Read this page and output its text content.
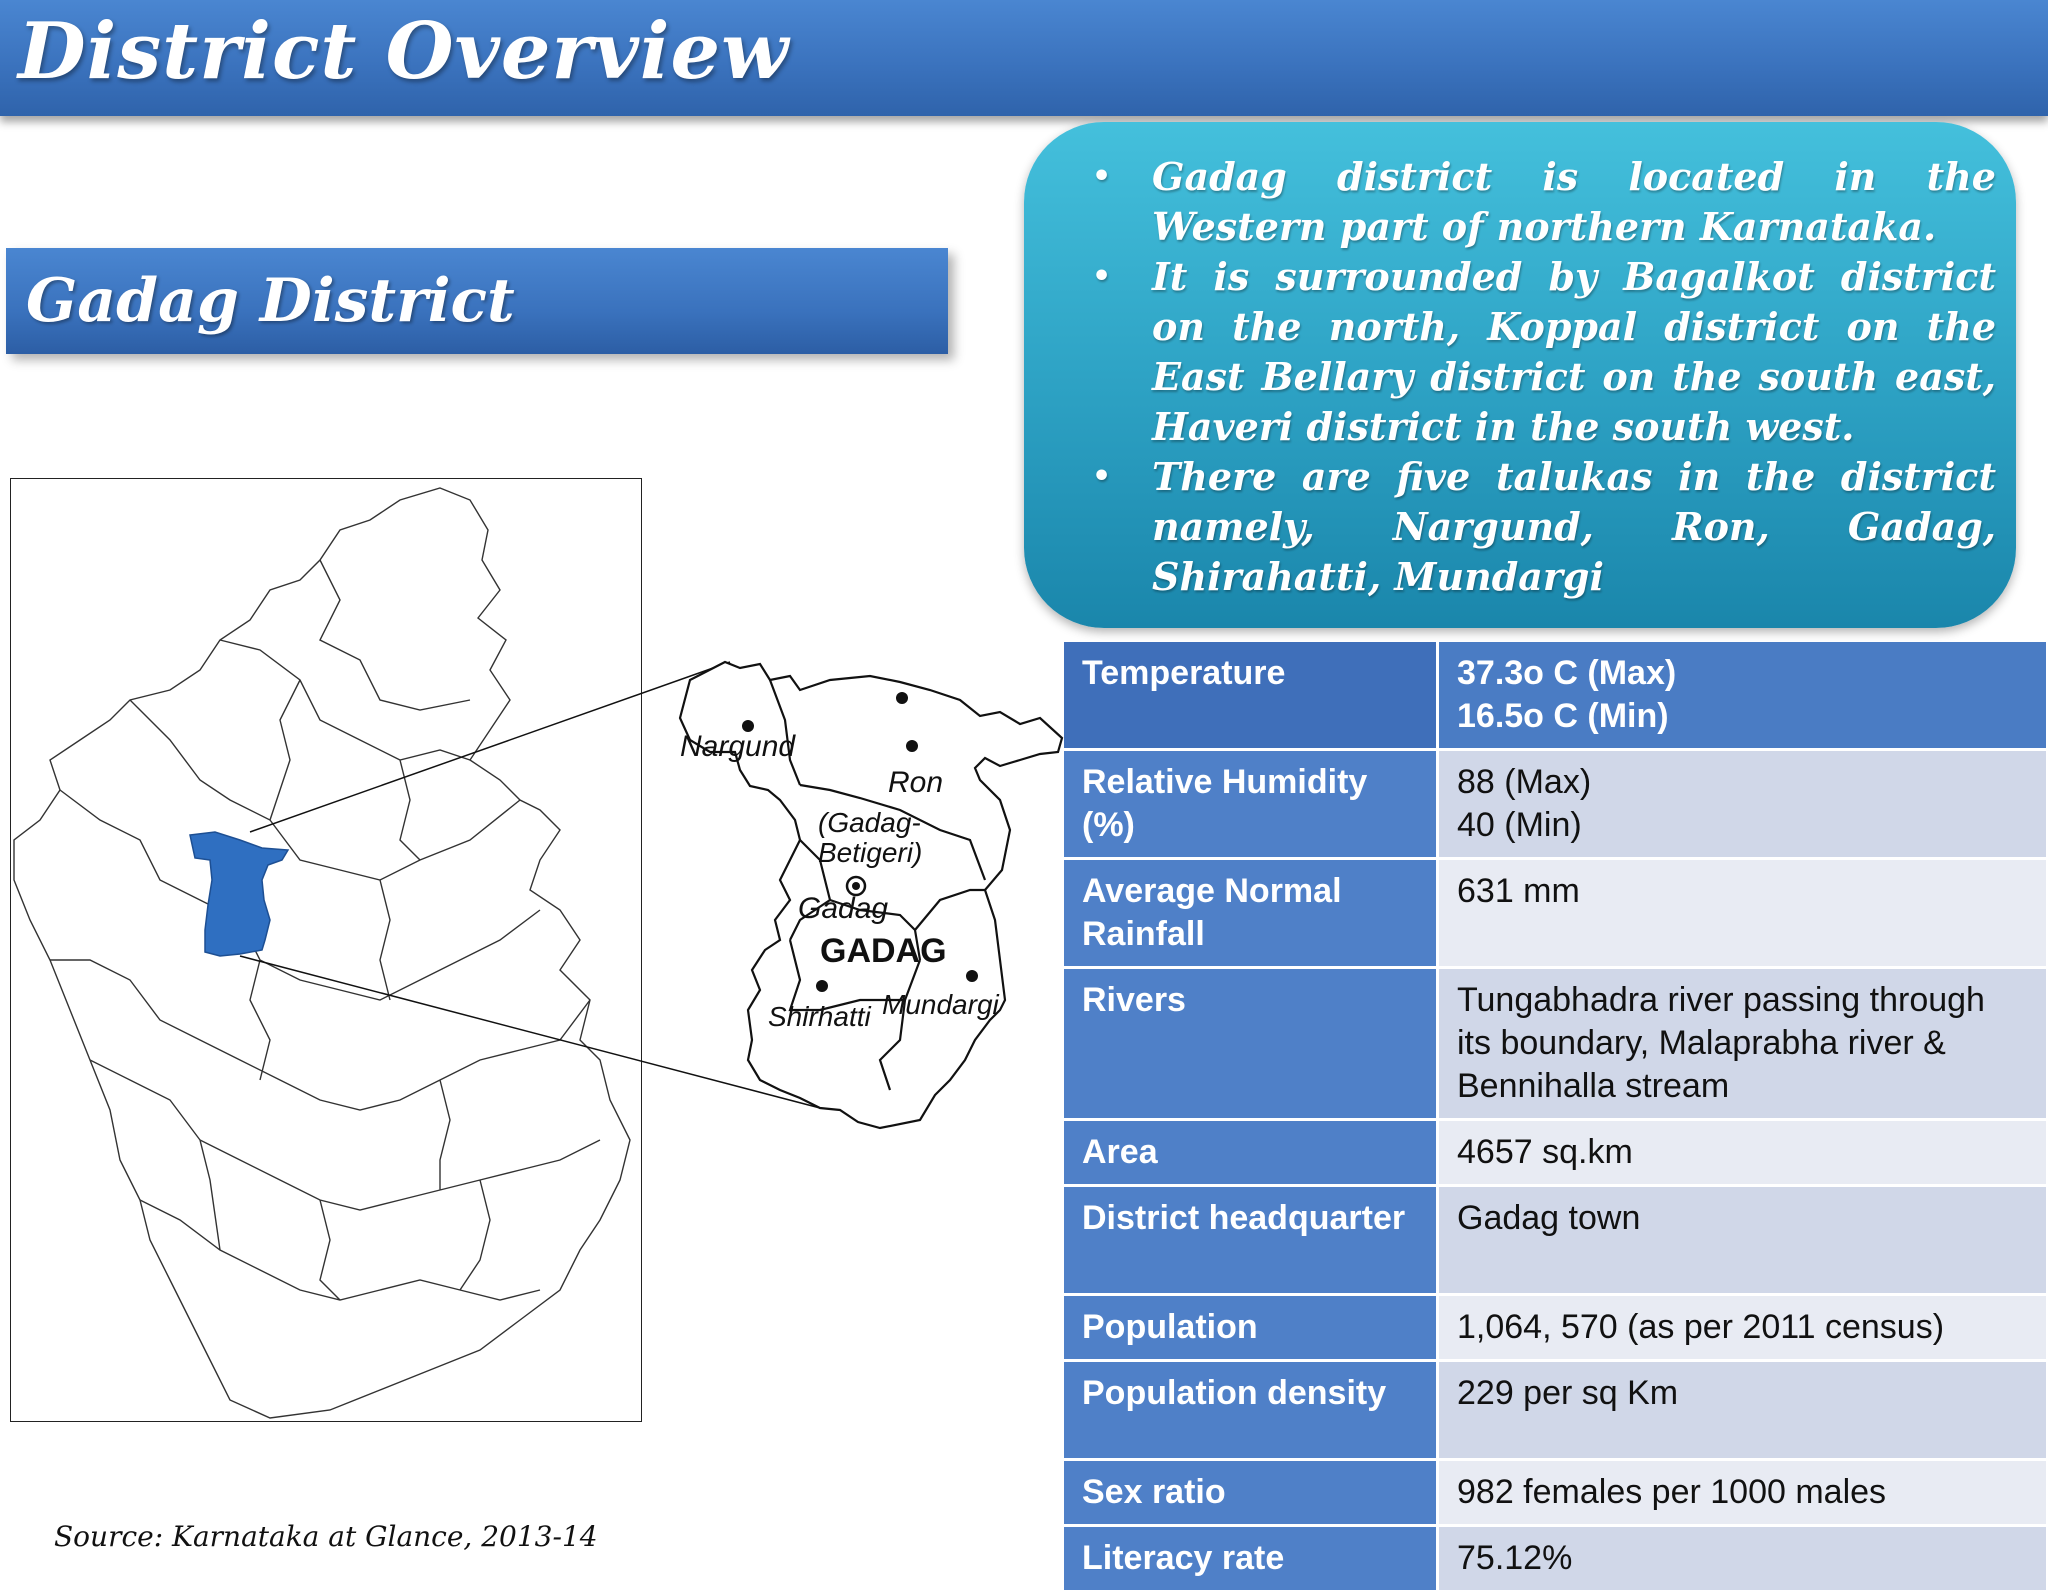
District Overview
Gadag District
• Gadag district is located in the Western part of northern Karnataka.
• It is surrounded by Bagalkot district on the north, Koppal district on the East Bellary district on the south east, Haveri district in the south west.
• There are five talukas in the district namely, Nargund, Ron, Gadag, Shirahatti, Mundargi
Nargund
Ron
(Gadag-
Betigeri)
Gadag
GADAG
Shirhatti Mundargi
Temperature	37.3o C (Max)
16.5o C (Min)
Relative Humidity (%)	88 (Max)
40 (Min)
Average Normal Rainfall	631 mm
Rivers	Tungabhadra river passing through its boundary, Malaprabha river & Bennihalla stream
Area	4657 sq.km
District headquarter	Gadag town
Population	1,064, 570 (as per 2011 census)
Population density	229 per sq Km
Sex ratio	982 females per 1000 males
Literacy rate	75.12%
Source: Karnataka at Glance, 2013-14
